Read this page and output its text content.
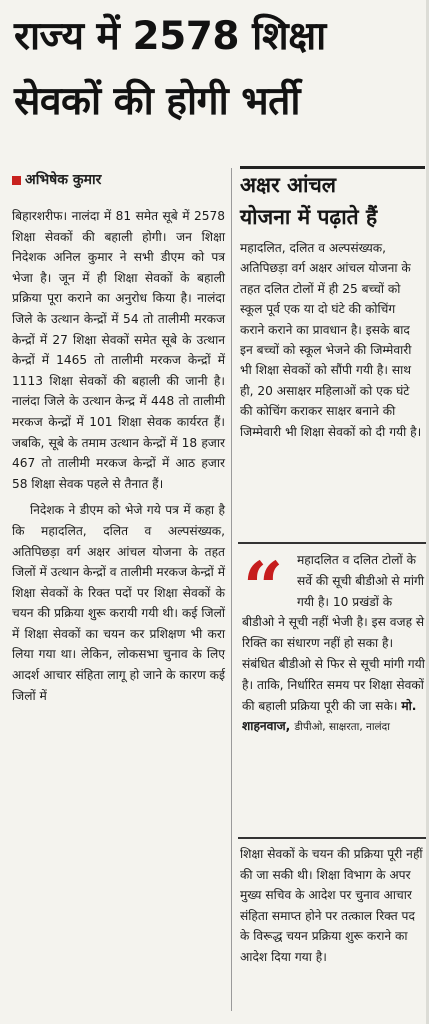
राज्य में 2578 शिक्षा
सेवकों की होगी भर्ती
अभिषेक कुमार

बिहारशरीफ। नालंदा में 81 समेत सूबे में 2578 शिक्षा सेवकों की बहाली होगी। जन शिक्षा निदेशक अनिल कुमार ने सभी डीएम को पत्र भेजा है। जून में ही शिक्षा सेवकों के बहाली प्रक्रिया पूरा कराने का अनुरोध किया है। नालंदा जिले के उत्थान केन्द्रों में 54 तो तालीमी मरकज केन्द्रों में 27 शिक्षा सेवकों समेत सूबे के उत्थान केन्द्रों में 1465 तो तालीमी मरकज केन्द्रों में 1113 शिक्षा सेवकों की बहाली की जानी है। नालंदा जिले के उत्थान केन्द्र में 448 तो तालीमी मरकज केन्द्रों में 101 शिक्षा सेवक कार्यरत हैं। जबकि, सूबे के तमाम उत्थान केन्द्रों में 18 हजार 467 तो तालीमी मरकज केन्द्रों में आठ हजार 58 शिक्षा सेवक पहले से तैनात हैं।

निदेशक ने डीएम को भेजे गये पत्र में कहा है कि महादलित, दलित व अल्पसंख्यक, अतिपिछड़ा वर्ग अक्षर आंचल योजना के तहत जिलों में उत्थान केन्द्रों व तालीमी मरकज केन्द्रों में शिक्षा सेवकों के रिक्त पदों पर शिक्षा सेवकों के चयन की प्रक्रिया शुरू करायी गयी थी। कई जिलों में शिक्षा सेवकों का चयन कर प्रशिक्षण भी करा लिया गया था। लेकिन, लोकसभा चुनाव के लिए आदर्श आचार संहिता लागू हो जाने के कारण कई जिलों में

अक्षर आंचल
योजना में पढ़ाते हैं
महादलित, दलित व अल्पसंख्यक, अतिपिछड़ा वर्ग अक्षर आंचल योजना के तहत दलित टोलों में ही 25 बच्चों को स्कूल पूर्व एक या दो घंटे की कोचिंग कराने कराने का प्रावधान है। इसके बाद इन बच्चों को स्कूल भेजने की जिम्मेवारी भी शिक्षा सेवकों को सौंपी गयी है। साथ ही, 20 असाक्षर महिलाओं को एक घंटे की कोचिंग कराकर साक्षर बनाने की जिम्मेवारी भी शिक्षा सेवकों को दी गयी है।
“	महादलित व दलित टोलों के सर्वे की सूची बीडीओ से मांगी गयी है। 10 प्रखंडों के बीडीओ ने सूची नहीं भेजी है। इस वजह से रिक्ति का संधारण नहीं हो सका है। संबंधित बीडीओ से फिर से सूची मांगी गयी है। ताकि, निर्धारित समय पर शिक्षा सेवकों की बहाली प्रक्रिया पूरी की जा सके। मो. शाहनवाज, डीपीओ, साक्षरता, नालंदा
शिक्षा सेवकों के चयन की प्रक्रिया पूरी नहीं की जा सकी थी। शिक्षा विभाग के अपर मुख्य सचिव के आदेश पर चुनाव आचार संहिता समाप्त होने पर तत्काल रिक्त पद के विरूद्ध चयन प्रक्रिया शुरू कराने का आदेश दिया गया है।
